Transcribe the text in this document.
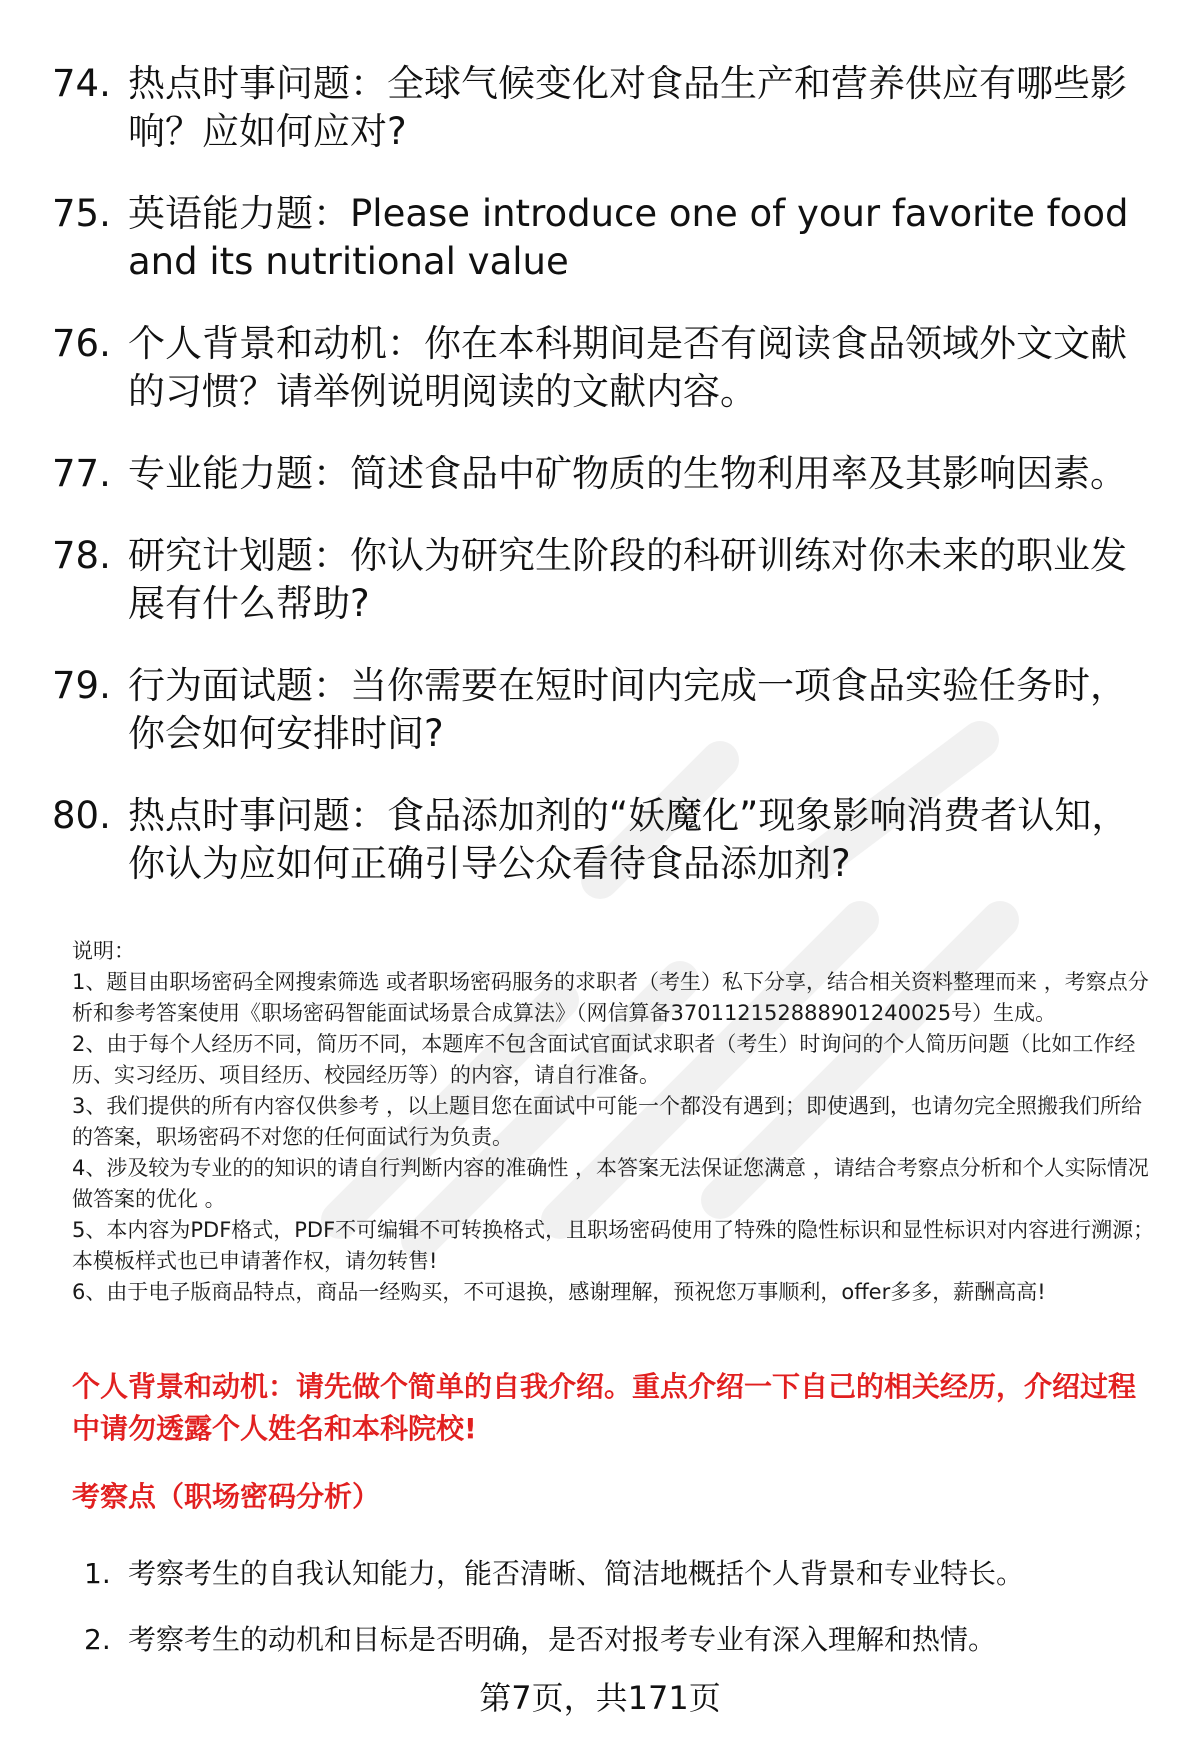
74. 热点时事问题：全球气候变化对食品生产和营养供应有哪些影响？应如何应对?
75. 英语能力题：Please introduce one of your favorite food and its nutritional value
76. 个人背景和动机：你在本科期间是否有阅读食品领域外文文献的习惯？请举例说明阅读的文献内容。
77. 专业能力题：简述食品中矿物质的生物利用率及其影响因素。
78. 研究计划题：你认为研究生阶段的科研训练对你未来的职业发展有什么帮助?
79. 行为面试题：当你需要在短时间内完成一项食品实验任务时，你会如何安排时间?
80. 热点时事问题：食品添加剂的“妖魔化”现象影响消费者认知，你认为应如何正确引导公众看待食品添加剂?

说明：

1、题目由职场密码全网搜索筛选 或者职场密码服务的求职者（考生）私下分享，结合相关资料整理而来 ，考察点分析和参考答案使用《职场密码智能面试场景合成算法》（网信算备370112152888901240025号）生成。

2、由于每个人经历不同，简历不同，本题库不包含面试官面试求职者（考生）时询问的个人简历问题（比如工作经历、实习经历、项目经历、校园经历等）的内容，请自行准备。

3、我们提供的所有内容仅供参考 ，以上题目您在面试中可能一个都没有遇到；即使遇到，也请勿完全照搬我们所给的答案，职场密码不对您的任何面试行为负责。

4、涉及较为专业的的知识的请自行判断内容的准确性 ，本答案无法保证您满意 ，请结合考察点分析和个人实际情况做答案的优化 。

5、本内容为PDF格式，PDF不可编辑不可转换格式，且职场密码使用了特殊的隐性标识和显性标识对内容进行溯源；本模板样式也已申请著作权，请勿转售!

6、由于电子版商品特点，商品一经购买，不可退换，感谢理解，预祝您万事顺利，offer多多，薪酬高高!

个人背景和动机：请先做个简单的自我介绍。重点介绍一下自己的相关经历，介绍过程中请勿透露个人姓名和本科院校!
考察点（职场密码分析）
1. 考察考生的自我认知能力，能否清晰、简洁地概括个人背景和专业特长。
2. 考察考生的动机和目标是否明确，是否对报考专业有深入理解和热情。
第7页，共171页
